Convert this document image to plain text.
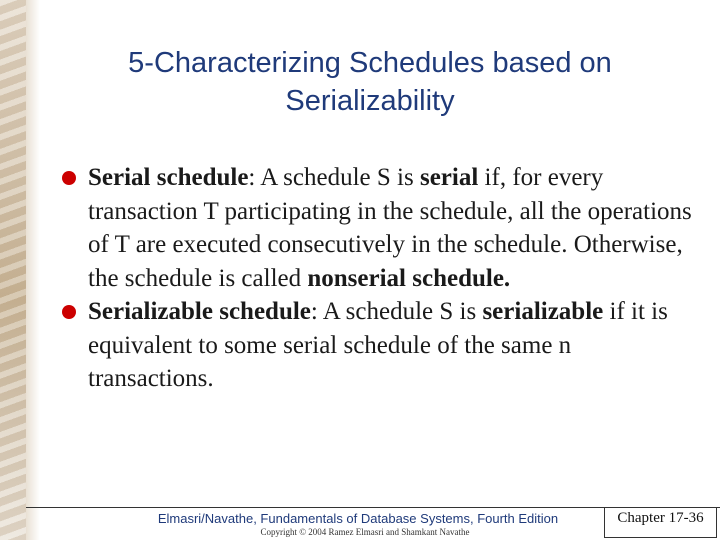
5-Characterizing Schedules based on
Serializability
Serial schedule: A schedule S is serial if, for every transaction T participating in the schedule, all the operations of T are executed consecutively in the schedule. Otherwise, the schedule is called nonserial schedule.
Serializable schedule: A schedule S is serializable if it is equivalent to some serial schedule of the same n transactions.
Elmasri/Navathe, Fundamentals of Database Systems, Fourth Edition
Copyright © 2004 Ramez Elmasri and Shamkant Navathe
Chapter 17-36
